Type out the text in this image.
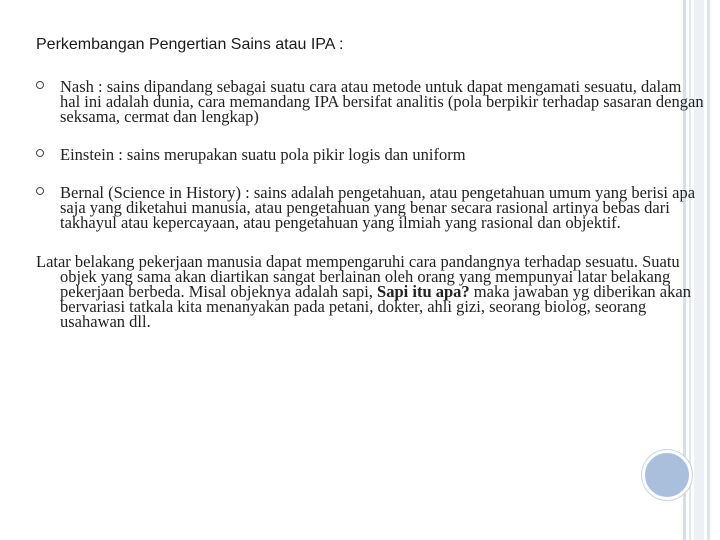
Perkembangan Pengertian Sains atau IPA :
Nash : sains dipandang sebagai suatu cara atau metode untuk dapat mengamati sesuatu, dalam hal ini adalah dunia, cara memandang IPA bersifat analitis (pola berpikir terhadap sasaran dengan seksama, cermat dan lengkap)
Einstein : sains merupakan suatu pola pikir logis dan uniform
Bernal (Science in History) : sains adalah pengetahuan, atau pengetahuan umum yang berisi apa saja yang diketahui manusia, atau pengetahuan yang benar secara rasional artinya bebas dari takhayul atau kepercayaan, atau pengetahuan yang ilmiah yang rasional dan objektif.

Latar belakang pekerjaan manusia dapat mempengaruhi cara pandangnya terhadap sesuatu. Suatu objek yang sama akan diartikan sangat berlainan oleh orang yang mempunyai latar belakang pekerjaan berbeda. Misal objeknya adalah sapi, Sapi itu apa? maka jawaban yg diberikan akan bervariasi tatkala kita menanyakan pada petani, dokter, ahli gizi, seorang biolog, seorang usahawan dll.
